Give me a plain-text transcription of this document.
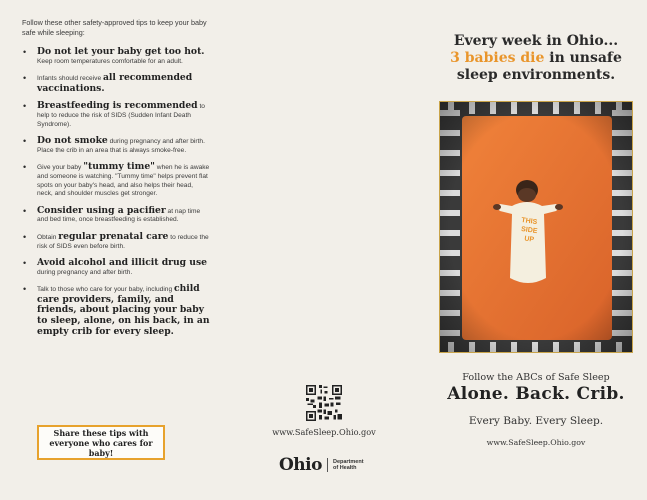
Follow these other safety-approved tips to keep your baby safe while sleeping:

• Do not let your baby get too hot. Keep room temperatures comfortable for an adult.
• Infants should receive all recommended vaccinations.
• Breastfeeding is recommended to help to reduce the risk of SIDS (Sudden Infant Death Syndrome).
• Do not smoke during pregnancy and after birth. Place the crib in an area that is always smoke-free.
• Give your baby "tummy time" when he is awake and someone is watching. "Tummy time" helps prevent flat spots on your baby's head, and also helps their head, neck, and shoulder muscles get stronger.
• Consider using a pacifier at nap time and bed time, once breastfeeding is established.
• Obtain regular prenatal care to reduce the risk of SIDS even before birth.
• Avoid alcohol and illicit drug use during pregnancy and after birth.
• Talk to those who care for your baby, including child care providers, family, and friends, about placing your baby to sleep, alone, on his back, in an empty crib for every sleep.
Share these tips with everyone who cares for baby!
www.SafeSleep.Ohio.gov
Ohio Department of Health
Every week in Ohio...
3 babies die in unsafe sleep environments.
Follow the ABCs of Safe Sleep
Alone. Back. Crib.
Every Baby. Every Sleep.
www.SafeSleep.Ohio.gov
